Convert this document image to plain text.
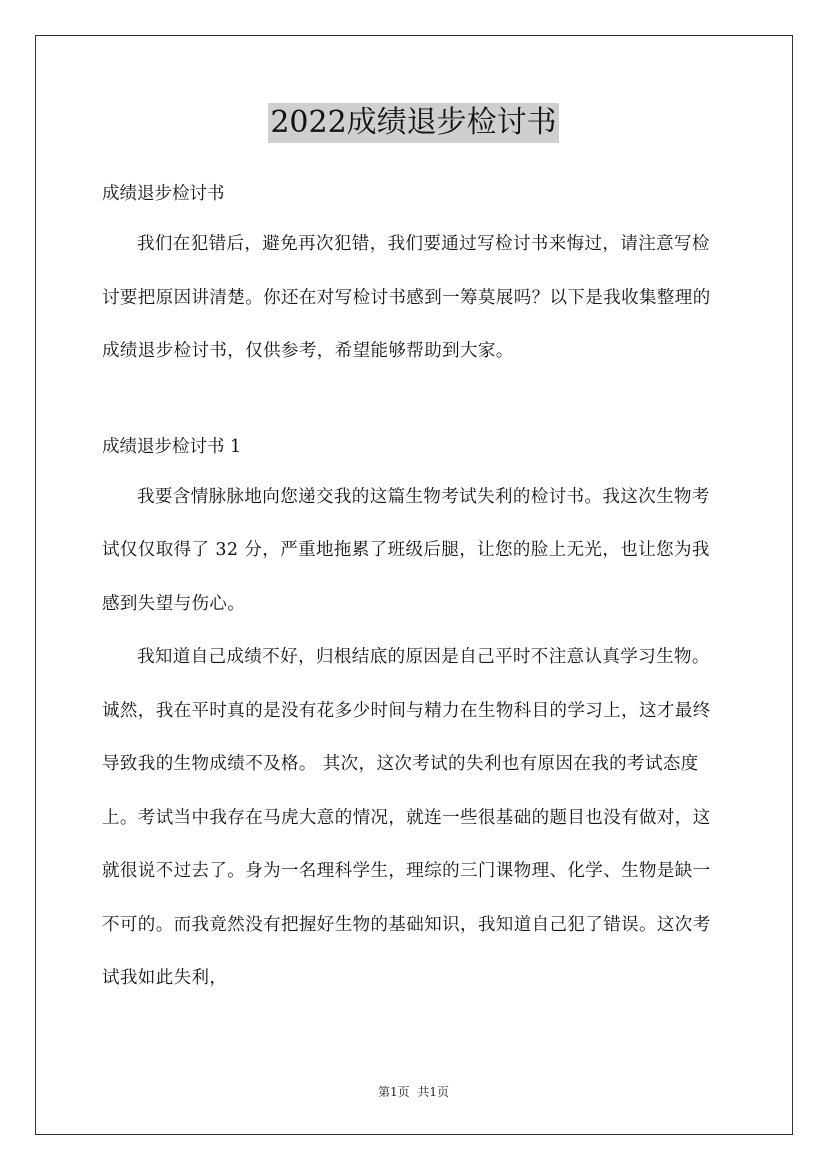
2022成绩退步检讨书

成绩退步检讨书

我们在犯错后，避免再次犯错，我们要通过写检讨书来悔过，请注意写检讨要把原因讲清楚。你还在对写检讨书感到一筹莫展吗？以下是我收集整理的成绩退步检讨书，仅供参考，希望能够帮助到大家。

成绩退步检讨书 1

我要含情脉脉地向您递交我的这篇生物考试失利的检讨书。我这次生物考试仅仅取得了 32 分，严重地拖累了班级后腿，让您的脸上无光，也让您为我感到失望与伤心。

我知道自己成绩不好，归根结底的原因是自己平时不注意认真学习生物。诚然，我在平时真的是没有花多少时间与精力在生物科目的学习上，这才最终导致我的生物成绩不及格。 其次，这次考试的失利也有原因在我的考试态度上。考试当中我存在马虎大意的情况，就连一些很基础的题目也没有做对，这就很说不过去了。身为一名理科学生，理综的三门课物理、化学、生物是缺一不可的。而我竟然没有把握好生物的基础知识，我知道自己犯了错误。这次考试我如此失利，

第1页 共1页
